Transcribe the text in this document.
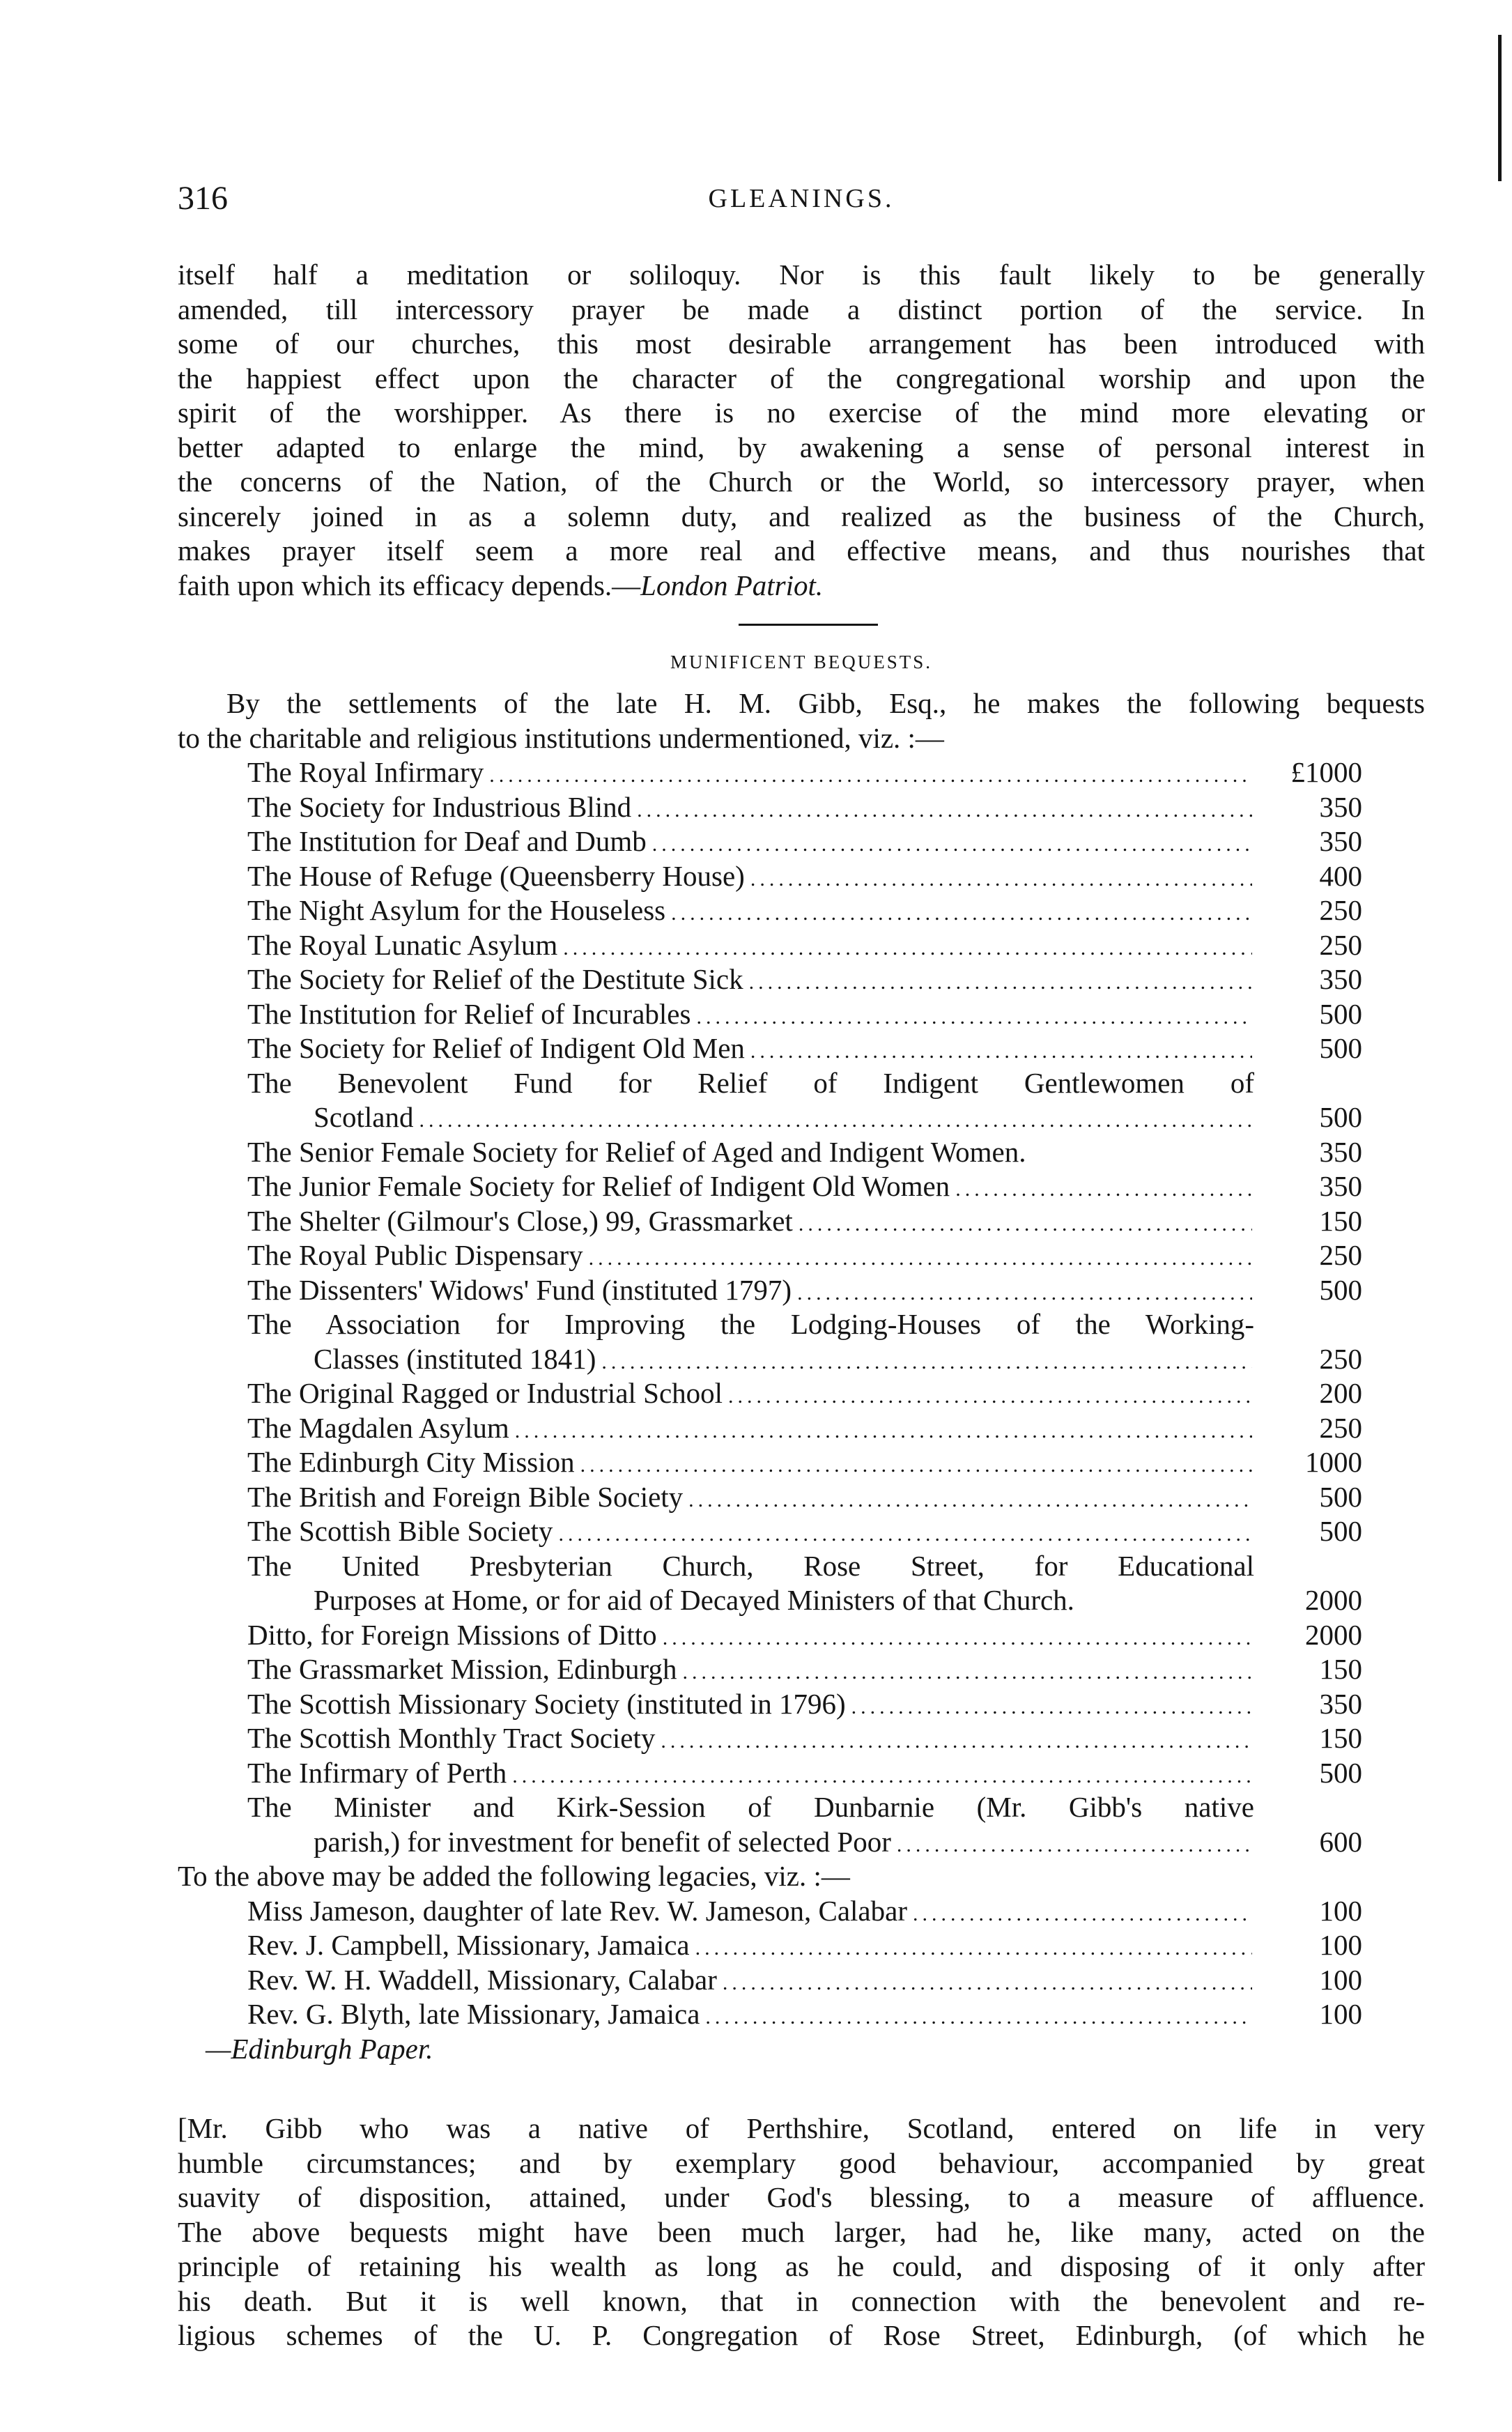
316	GLEANINGS.
itself half a meditation or soliloquy. Nor is this fault likely to be generally
amended, till intercessory prayer be made a distinct portion of the service. In
some of our churches, this most desirable arrangement has been introduced with
the happiest effect upon the character of the congregational worship and upon the
spirit of the worshipper. As there is no exercise of the mind more elevating or
better adapted to enlarge the mind, by awakening a sense of personal interest in
the concerns of the Nation, of the Church or the World, so intercessory prayer, when
sincerely joined in as a solemn duty, and realized as the business of the Church,
makes prayer itself seem a more real and effective means, and thus nourishes that
faith upon which its efficacy depends.—London Patriot.
MUNIFICENT BEQUESTS.
By the settlements of the late H. M. Gibb, Esq., he makes the following bequests
to the charitable and religious institutions undermentioned, viz. :—
The Royal Infirmary .....	£1000
The Society for Industrious Blind .....	350
The Institution for Deaf and Dumb .....	350
The House of Refuge (Queensberry House) .....	400
The Night Asylum for the Houseless .....	250
The Royal Lunatic Asylum .....	250
The Society for Relief of the Destitute Sick .....	350
The Institution for Relief of Incurables .....	500
The Society for Relief of Indigent Old Men .....	500
The Benevolent Fund for Relief of Indigent Gentlewomen of
Scotland .....	500
The Senior Female Society for Relief of Aged and Indigent Women.	350
The Junior Female Society for Relief of Indigent Old Women .....	350
The Shelter (Gilmour's Close,) 99, Grassmarket .....	150
The Royal Public Dispensary .....	250
The Dissenters' Widows' Fund (instituted 1797) .....	500
The Association for Improving the Lodging-Houses of the Working-
Classes (instituted 1841) .....	250
The Original Ragged or Industrial School .....	200
The Magdalen Asylum .....	250
The Edinburgh City Mission .....	1000
The British and Foreign Bible Society .....	500
The Scottish Bible Society .....	500
The United Presbyterian Church, Rose Street, for Educational
Purposes at Home, or for aid of Decayed Ministers of that Church.	2000
Ditto, for Foreign Missions of Ditto .....	2000
The Grassmarket Mission, Edinburgh .....	150
The Scottish Missionary Society (instituted in 1796) .....	350
The Scottish Monthly Tract Society .....	150
The Infirmary of Perth .....	500
The Minister and Kirk-Session of Dunbarnie (Mr. Gibb's native
parish,) for investment for benefit of selected Poor .....	600
To the above may be added the following legacies, viz. :—
Miss Jameson, daughter of late Rev. W. Jameson, Calabar .....	100
Rev. J. Campbell, Missionary, Jamaica .....	100
Rev. W. H. Waddell, Missionary, Calabar .....	100
Rev. G. Blyth, late Missionary, Jamaica .....	100
—Edinburgh Paper.
[Mr. Gibb who was a native of Perthshire, Scotland, entered on life in very
humble circumstances; and by exemplary good behaviour, accompanied by great
suavity of disposition, attained, under God's blessing, to a measure of affluence.
The above bequests might have been much larger, had he, like many, acted on the
principle of retaining his wealth as long as he could, and disposing of it only after
his death. But it is well known, that in connection with the benevolent and re-
ligious schemes of the U. P. Congregation of Rose Street, Edinburgh, (of which he
